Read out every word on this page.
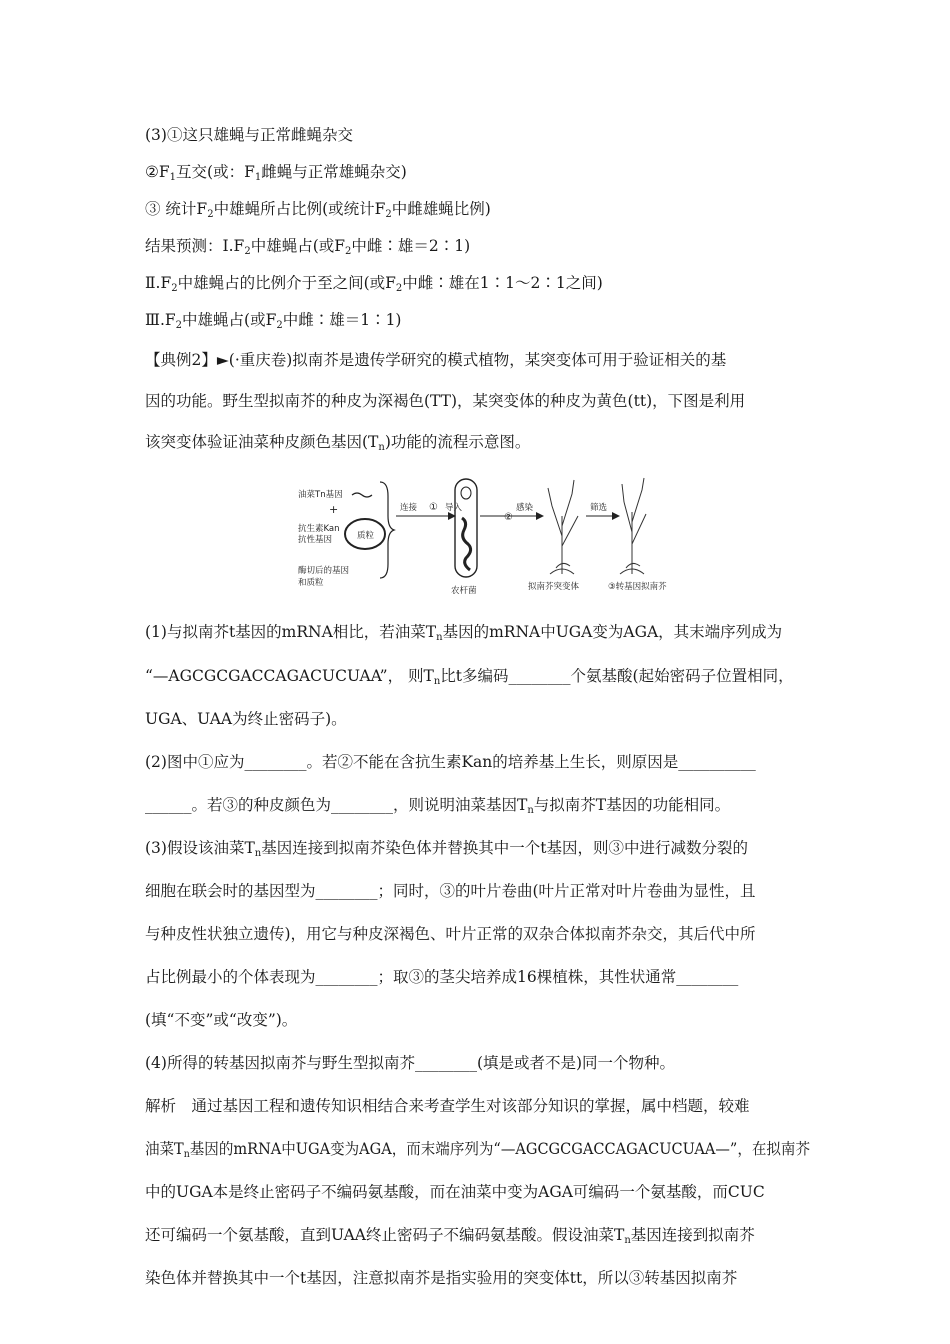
(3)①这只雄蝇与正常雌蝇杂交
$②F_1$互交(或：$F_1$雌蝇与正常雄蝇杂交)
③ 统计$F_2$中雄蝇所占比例(或统计$F_2$中雌雄蝇比例)
结果预测：$Ⅰ.F_2$中雄蝇占(或$F_2$中雌∶雄＝2∶1)
$Ⅱ.F_2$中雄蝇占的比例介于至之间(或$F_2$中雌∶雄在1∶1～2∶1之间)
$Ⅲ.F_2$中雄蝇占(或$F_2$中雌∶雄＝1∶1)
【典例2】►(·重庆卷)拟南芥是遗传学研究的模式植物，某突变体可用于验证相关的基
因的功能。野生型拟南芥的种皮为深褐色(TT)，某突变体的种皮为黄色(tt)，下图是利用
该突变体验证油菜种皮颜色基因$(T_n)$功能的流程示意图。
油菜Tn基因
+
抗生素Kan
抗性基因	质粒
酶切后的基因
和质粒
连接 ① 导入
农杆菌
②
感染
拟南芥突变体
筛选
③转基因拟南芥
(1)与拟南芥t基因的mRNA相比，若油菜$T_n$基因的mRNA中UGA变为AGA，其末端序列成为
“—AGCGCGACCAGACUCUAA”， 则$T_n$比t多编码________个氨基酸(起始密码子位置相同，
UGA、UAA为终止密码子)。
(2)图中①应为________。若②不能在含抗生素Kan的培养基上生长，则原因是__________
______。若③的种皮颜色为________，则说明油菜基因$T_n$与拟南芥T基因的功能相同。
(3)假设该油菜$T_n$基因连接到拟南芥染色体并替换其中一个t基因，则③中进行减数分裂的
细胞在联会时的基因型为________；同时，③的叶片卷曲(叶片正常对叶片卷曲为显性，且
与种皮性状独立遗传)，用它与种皮深褐色、叶片正常的双杂合体拟南芥杂交，其后代中所
占比例最小的个体表现为________；取③的茎尖培养成16棵植株，其性状通常________
(填“不变”或“改变”)。
(4)所得的转基因拟南芥与野生型拟南芥________(填是或者不是)同一个物种。
解析　通过基因工程和遗传知识相结合来考查学生对该部分知识的掌握，属中档题，较难
油菜$T_n$基因的mRNA中UGA变为AGA，而末端序列为“—AGCGCGACCAGACUCUAA—”，在拟南芥
中的UGA本是终止密码子不编码氨基酸，而在油菜中变为AGA可编码一个氨基酸，而CUC
还可编码一个氨基酸，直到UAA终止密码子不编码氨基酸。假设油菜$T_n$基因连接到拟南芥
染色体并替换其中一个t基因，注意拟南芥是指实验用的突变体tt，所以③转基因拟南芥
